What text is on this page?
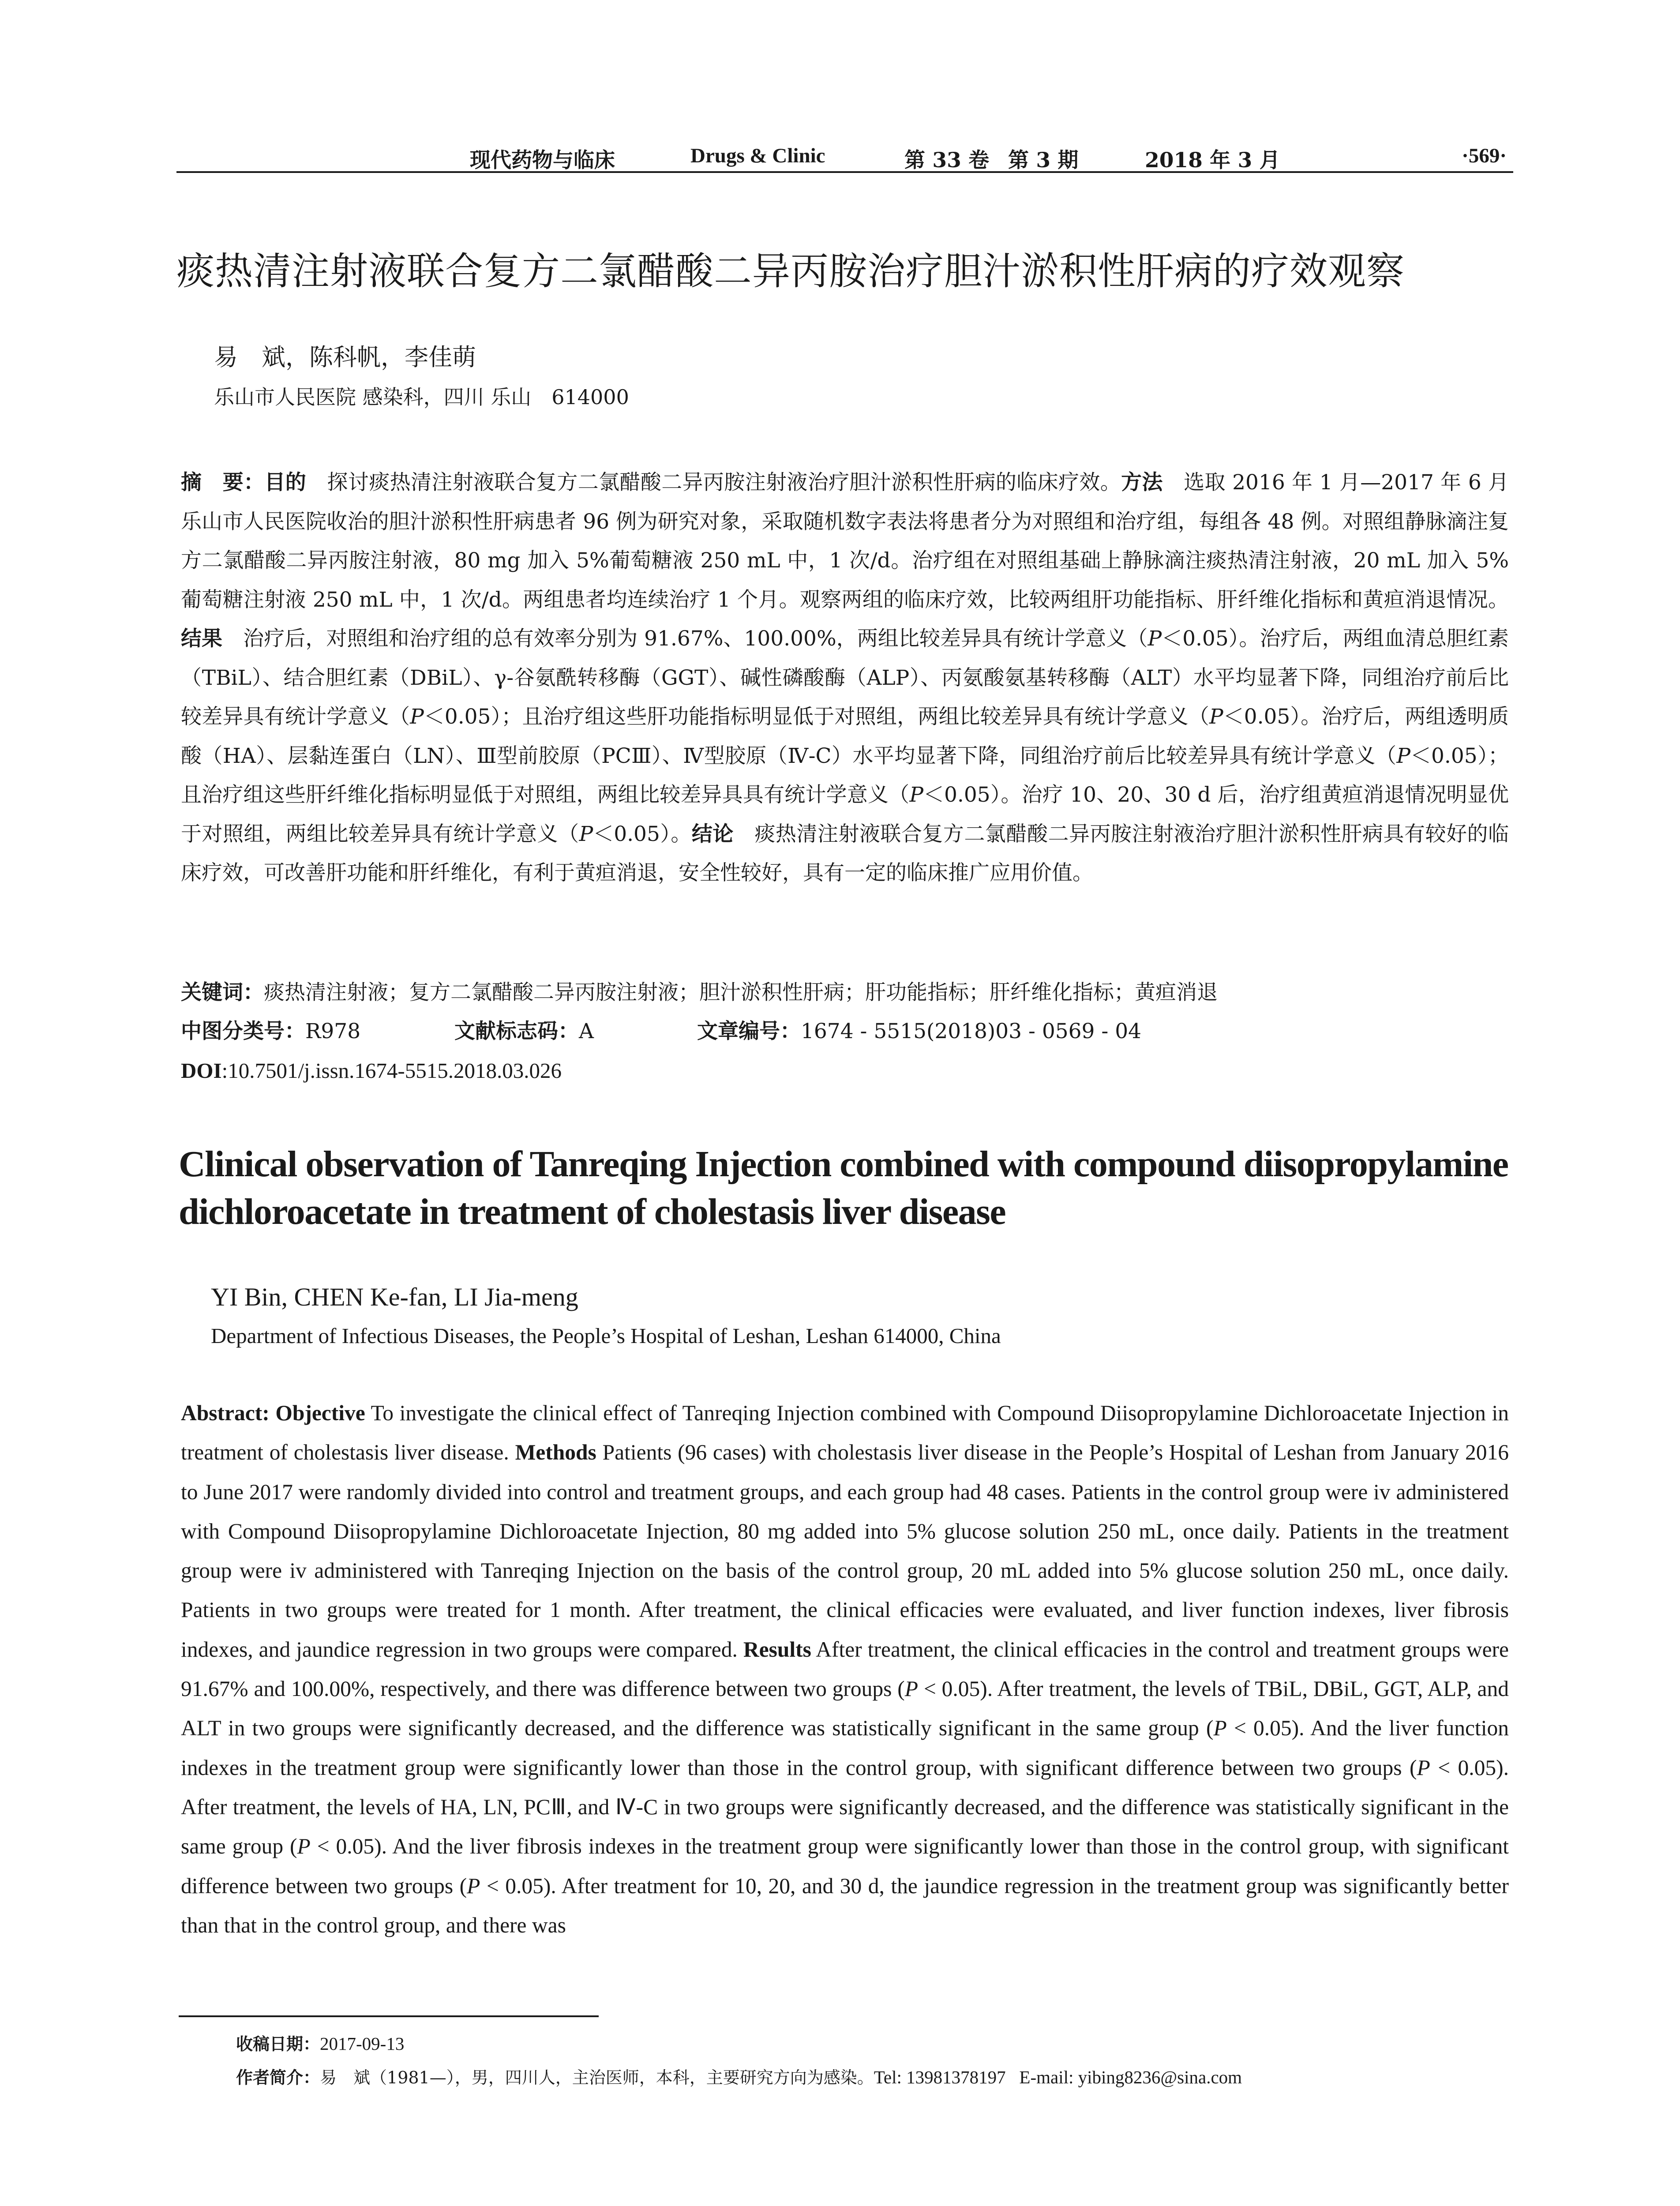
现代药物与临床	Drugs & Clinic	第 33 卷 第 3 期	2018 年 3 月	·569·
痰热清注射液联合复方二氯醋酸二异丙胺治疗胆汁淤积性肝病的疗效观察
易　斌，陈科帆，李佳萌
乐山市人民医院 感染科，四川 乐山　614000

摘　要：目的　探讨痰热清注射液联合复方二氯醋酸二异丙胺注射液治疗胆汁淤积性肝病的临床疗效。方法　选取 2016 年 1 月—2017 年 6 月乐山市人民医院收治的胆汁淤积性肝病患者 96 例为研究对象，采取随机数字表法将患者分为对照组和治疗组，每组各 48 例。对照组静脉滴注复方二氯醋酸二异丙胺注射液，80 mg 加入 5%葡萄糖液 250 mL 中，1 次/d。治疗组在对照组基础上静脉滴注痰热清注射液，20 mL 加入 5%葡萄糖注射液 250 mL 中，1 次/d。两组患者均连续治疗 1 个月。观察两组的临床疗效，比较两组肝功能指标、肝纤维化指标和黄疸消退情况。结果　治疗后，对照组和治疗组的总有效率分别为 91.67%、100.00%，两组比较差异具有统计学意义（P＜0.05）。治疗后，两组血清总胆红素（TBiL）、结合胆红素（DBiL）、γ-谷氨酰转移酶（GGT）、碱性磷酸酶（ALP）、丙氨酸氨基转移酶（ALT）水平均显著下降，同组治疗前后比较差异具有统计学意义（P＜0.05）；且治疗组这些肝功能指标明显低于对照组，两组比较差异具有统计学意义（P＜0.05）。治疗后，两组透明质酸（HA）、层黏连蛋白（LN）、Ⅲ型前胶原（PCⅢ）、Ⅳ型胶原（Ⅳ-C）水平均显著下降，同组治疗前后比较差异具有统计学意义（P＜0.05）；且治疗组这些肝纤维化指标明显低于对照组，两组比较差异具具有统计学意义（P＜0.05）。治疗 10、20、30 d 后，治疗组黄疸消退情况明显优于对照组，两组比较差异具有统计学意义（P＜0.05）。结论　痰热清注射液联合复方二氯醋酸二异丙胺注射液治疗胆汁淤积性肝病具有较好的临床疗效，可改善肝功能和肝纤维化，有利于黄疸消退，安全性较好，具有一定的临床推广应用价值。

关键词：痰热清注射液；复方二氯醋酸二异丙胺注射液；胆汁淤积性肝病；肝功能指标；肝纤维化指标；黄疸消退
中图分类号：R978	文献标志码：A	文章编号：1674 - 5515(2018)03 - 0569 - 04
DOI:10.7501/j.issn.1674-5515.2018.03.026
Clinical observation of Tanreqing Injection combined with compound diisopropylamine dichloroacetate in treatment of cholestasis liver disease
YI Bin, CHEN Ke-fan, LI Jia-meng
Department of Infectious Diseases, the People’s Hospital of Leshan, Leshan 614000, China

Abstract: Objective To investigate the clinical effect of Tanreqing Injection combined with Compound Diisopropylamine Dichloroacetate Injection in treatment of cholestasis liver disease. Methods Patients (96 cases) with cholestasis liver disease in the People’s Hospital of Leshan from January 2016 to June 2017 were randomly divided into control and treatment groups, and each group had 48 cases. Patients in the control group were iv administered with Compound Diisopropylamine Dichloroacetate Injection, 80 mg added into 5% glucose solution 250 mL, once daily. Patients in the treatment group were iv administered with Tanreqing Injection on the basis of the control group, 20 mL added into 5% glucose solution 250 mL, once daily. Patients in two groups were treated for 1 month. After treatment, the clinical efficacies were evaluated, and liver function indexes, liver fibrosis indexes, and jaundice regression in two groups were compared. Results After treatment, the clinical efficacies in the control and treatment groups were 91.67% and 100.00%, respectively, and there was difference between two groups (P < 0.05). After treatment, the levels of TBiL, DBiL, GGT, ALP, and ALT in two groups were significantly decreased, and the difference was statistically significant in the same group (P < 0.05). And the liver function indexes in the treatment group were significantly lower than those in the control group, with significant difference between two groups (P < 0.05). After treatment, the levels of HA, LN, PCⅢ, and Ⅳ-C in two groups were significantly decreased, and the difference was statistically significant in the same group (P < 0.05). And the liver fibrosis indexes in the treatment group were significantly lower than those in the control group, with significant difference between two groups (P < 0.05). After treatment for 10, 20, and 30 d, the jaundice regression in the treatment group was significantly better than that in the control group, and there was

收稿日期：2017-09-13
作者简介：易　斌（1981—），男，四川人，主治医师，本科，主要研究方向为感染。Tel: 13981378197 E-mail: yibing8236@sina.com
